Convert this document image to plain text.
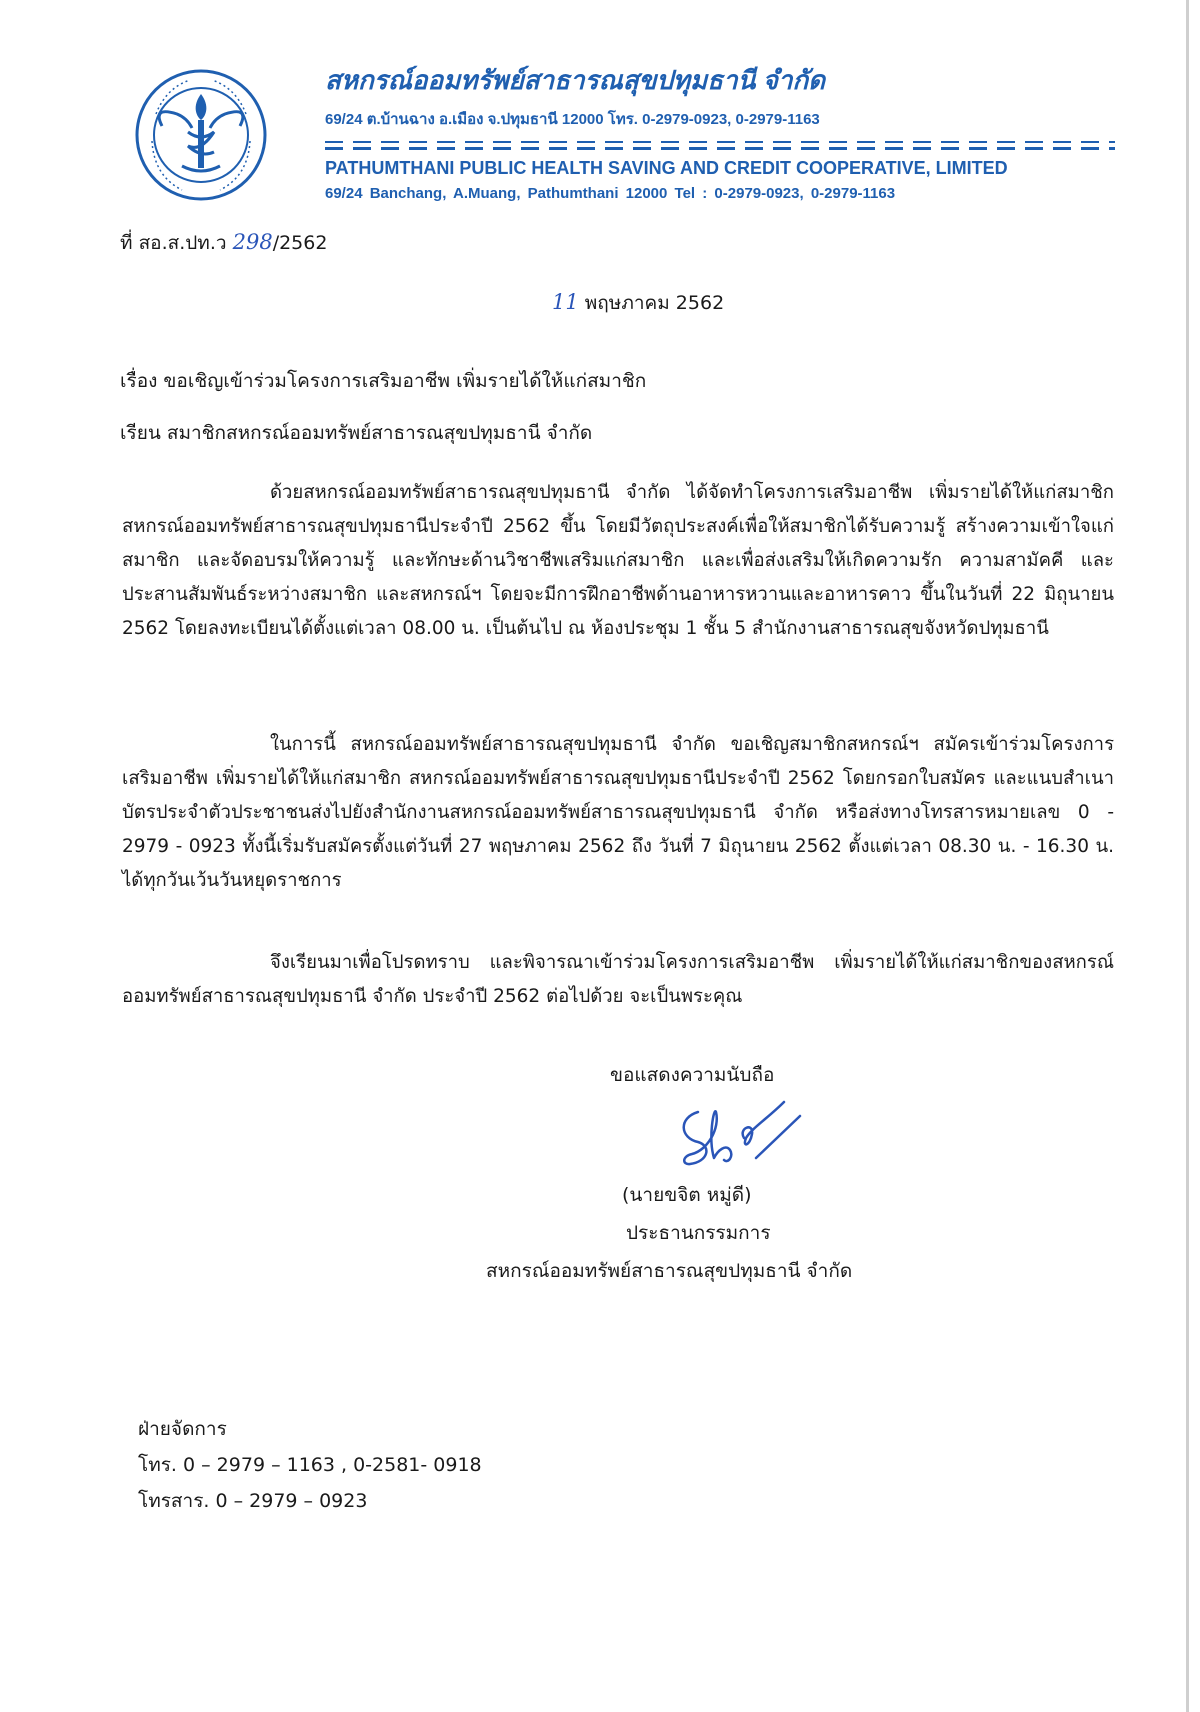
สหกรณ์ออมทรัพย์สาธารณสุขปทุมธานี จำกัด
69/24 ต.บ้านฉาง อ.เมือง จ.ปทุมธานี 12000 โทร. 0-2979-0923, 0-2979-1163
PATHUMTHANI PUBLIC HEALTH SAVING AND CREDIT COOPERATIVE, LIMITED
69/24 Banchang, A.Muang, Pathumthani 12000 Tel : 0-2979-0923, 0-2979-1163
ที่ สอ.ส.ปท.ว 298/2562
11 พฤษภาคม 2562
เรื่อง ขอเชิญเข้าร่วมโครงการเสริมอาชีพ เพิ่มรายได้ให้แก่สมาชิก
เรียน สมาชิกสหกรณ์ออมทรัพย์สาธารณสุขปทุมธานี จำกัด
ด้วยสหกรณ์ออมทรัพย์สาธารณสุขปทุมธานี จำกัด ได้จัดทำโครงการเสริมอาชีพ เพิ่มรายได้ให้แก่สมาชิก สหกรณ์ออมทรัพย์สาธารณสุขปทุมธานีประจำปี 2562 ขึ้น โดยมีวัตถุประสงค์เพื่อให้สมาชิกได้รับความรู้ สร้างความเข้าใจแก่สมาชิก และจัดอบรมให้ความรู้ และทักษะด้านวิชาชีพเสริมแก่สมาชิก และเพื่อส่งเสริมให้เกิดความรัก ความสามัคคี และประสานสัมพันธ์ระหว่างสมาชิก และสหกรณ์ฯ โดยจะมีการฝึกอาชีพด้านอาหารหวานและอาหารคาว ขึ้นในวันที่ 22 มิถุนายน 2562 โดยลงทะเบียนได้ตั้งแต่เวลา 08.00 น. เป็นต้นไป ณ ห้องประชุม 1 ชั้น 5 สำนักงานสาธารณสุขจังหวัดปทุมธานี
ในการนี้ สหกรณ์ออมทรัพย์สาธารณสุขปทุมธานี จำกัด ขอเชิญสมาชิกสหกรณ์ฯ สมัครเข้าร่วมโครงการเสริมอาชีพ เพิ่มรายได้ให้แก่สมาชิก สหกรณ์ออมทรัพย์สาธารณสุขปทุมธานีประจำปี 2562 โดยกรอกใบสมัคร และแนบสำเนาบัตรประจำตัวประชาชนส่งไปยังสำนักงานสหกรณ์ออมทรัพย์สาธารณสุขปทุมธานี จำกัด หรือส่งทางโทรสารหมายเลข 0 - 2979 - 0923 ทั้งนี้เริ่มรับสมัครตั้งแต่วันที่ 27 พฤษภาคม 2562 ถึง วันที่ 7 มิถุนายน 2562 ตั้งแต่เวลา 08.30 น. - 16.30 น. ได้ทุกวันเว้นวันหยุดราชการ
จึงเรียนมาเพื่อโปรดทราบ และพิจารณาเข้าร่วมโครงการเสริมอาชีพ เพิ่มรายได้ให้แก่สมาชิกของสหกรณ์ออมทรัพย์สาธารณสุขปทุมธานี จำกัด ประจำปี 2562 ต่อไปด้วย จะเป็นพระคุณ
ขอแสดงความนับถือ
(นายขจิต หมู่ดี)
ประธานกรรมการ
สหกรณ์ออมทรัพย์สาธารณสุขปทุมธานี จำกัด
ฝ่ายจัดการ
โทร. 0 – 2979 – 1163 , 0-2581- 0918
โทรสาร. 0 – 2979 – 0923
